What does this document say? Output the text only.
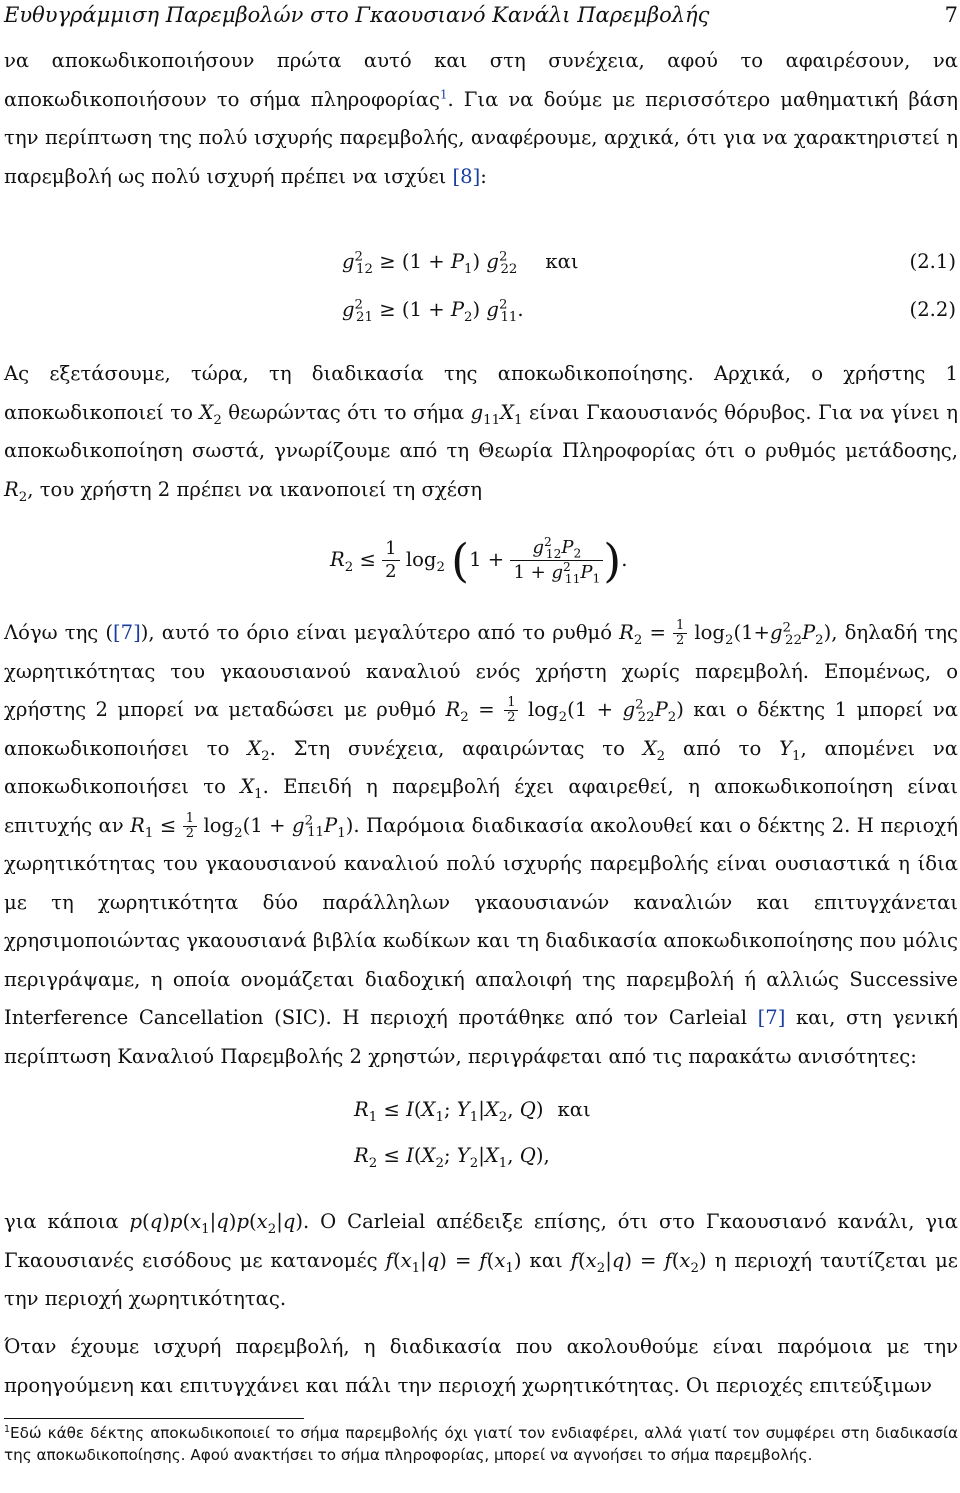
Ευθυγράμμιση Παρεμβολών στο Γκαουσιανό Κανάλι Παρεμβολής	7

να αποκωδικοποιήσουν πρώτα αυτό και στη συνέχεια, αφού το αφαιρέσουν, να αποκωδικοποιήσουν το σήμα πληροφορίας$^1$. Για να δούμε με περισσότερο μαθηματική βάση την περίπτωση της πολύ ισχυρής παρεμβολής, αναφέρουμε, αρχικά, ότι για να χαρακτηριστεί η παρεμβολή ως πολύ ισχυρή πρέπει να ισχύει [8]:

$g^2_{12} \ge (1 + P_1)$ $g^2_{22}$ και	(2.1)
$g^2_{21} \ge (1 + P_2)$ $g^2_{11}$.	(2.2)

Ας εξετάσουμε, τώρα, τη διαδικασία της αποκωδικοποίησης. Αρχικά, ο χρήστης 1 αποκωδικοποιεί το $X_2$ θεωρώντας ότι το σήμα $g_{11}X_1$ είναι Γκαουσιανός θόρυβος. Για να γίνει η αποκωδικοποίηση σωστά, γνωρίζουμε από τη Θεωρία Πληροφορίας ότι ο ρυθμός μετάδοσης, $R_2$, του χρήστη 2 πρέπει να ικανοποιεί τη σχέση

$R_2 \le \frac{1}{2} \log_2 (1 + \frac{g^2_{12}P_2}{1 + g^2_{11}P_1}$ ).

Λόγω της ([7]), αυτό το όριο είναι μεγαλύτερο από το ρυθμό $R_2 = \frac{1}{2} \log_2(1+g^2_{22}P_2)$, δηλαδή της χωρητικότητας του γκαουσιανού καναλιού ενός χρήστη χωρίς παρεμβολή. Επομένως, ο χρήστης 2 μπορεί να μεταδώσει με ρυθμό $R_2 = \frac{1}{2} \log_2(1 + g^2_{22}P_2)$ και ο δέκτης 1 μπορεί να αποκωδικοποιήσει το $X_2$. Στη συνέχεια, αφαιρώντας το $X_2$ από το $Y_1$, απομένει να αποκωδικοποιήσει το $X_1$. Επειδή η παρεμβολή έχει αφαιρεθεί, η αποκωδικοποίηση είναι επιτυχής αν $R_1 \le \frac{1}{2} \log_2(1 + g^2_{11}P_1)$. Παρόμοια διαδικασία ακολουθεί και ο δέκτης 2. Η περιοχή χωρητικότητας του γκαουσιανού καναλιού πολύ ισχυρής παρεμβολής είναι ουσιαστικά η ίδια με τη χωρητικότητα δύο παράλληλων γκαουσιανών καναλιών και επιτυγχάνεται χρησιμοποιώντας γκαουσιανά βιβλία κωδίκων και τη διαδικασία αποκωδικοποίησης που μόλις περιγράψαμε, η οποία ονομάζεται διαδοχική απαλοιφή της παρεμβολή ή αλλιώς Successive Interference Cancellation (SIC). Η περιοχή προτάθηκε από τον Carleial [7] και, στη γενική περίπτωση Καναλιού Παρεμβολής 2 χρηστών, περιγράφεται από τις παρακάτω ανισότητες:

$R_1 \le I(X_1$; $Y_1|X_2$, Q) και
$R_2 \le I(X_2$; $Y_2|X_1$, Q),

για κάποια $p(q)p(x_1|q)p(x_2|q)$. Ο Carleial απέδειξε επίσης, ότι στο Γκαουσιανό κανάλι, για Γκαουσιανές εισόδους με κατανομές $f(x_1|q) = f(x_1)$ και $f(x_2|q) = f(x_2)$ η περιοχή ταυτίζεται με την περιοχή χωρητικότητας.

Όταν έχουμε ισχυρή παρεμβολή, η διαδικασία που ακολουθούμε είναι παρόμοια με την προηγούμενη και επιτυγχάνει και πάλι την περιοχή χωρητικότητας. Οι περιοχές επιτεύξιμων

$^1$Εδώ κάθε δέκτης αποκωδικοποιεί το σήμα παρεμβολής όχι γιατί τον ενδιαφέρει, αλλά γιατί τον συμφέρει στη διαδικασία της αποκωδικοποίησης. Αφού ανακτήσει το σήμα πληροφορίας, μπορεί να αγνοήσει το σήμα παρεμβολής.
